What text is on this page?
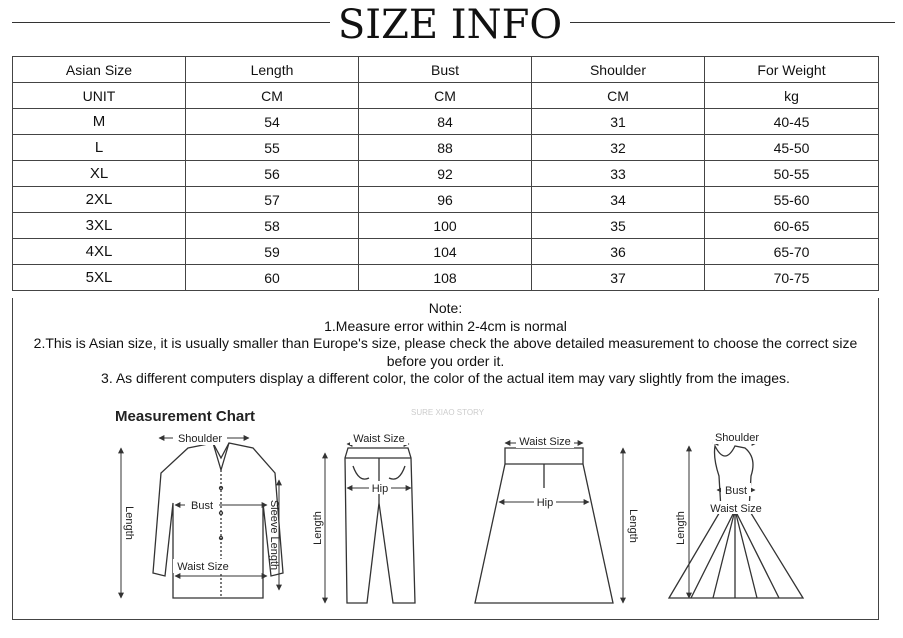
SIZE INFO
Asian Size	Length	Bust	Shoulder	For Weight
UNIT	CM	CM	CM	kg
M	54	84	31	40-45
L	55	88	32	45-50
XL	56	92	33	50-55
2XL	57	96	34	55-60
3XL	58	100	35	60-65
4XL	59	104	36	65-70
5XL	60	108	37	70-75
Note:
1.Measure error within 2-4cm is normal
2.This is Asian size, it is usually smaller than Europe's size, please check the above detailed measurement to choose the correct size before you order it.
3. As different computers display a different color, the color of the actual item may vary slightly from the images.
Measurement Chart	SURE XIAO STORY
Shoulder
Bust	Sleeve Length
Length
Waist Size
Waist Size
Hip
Length
Waist Size
Hip
Length
Shoulder
Bust
Waist Size
Length
